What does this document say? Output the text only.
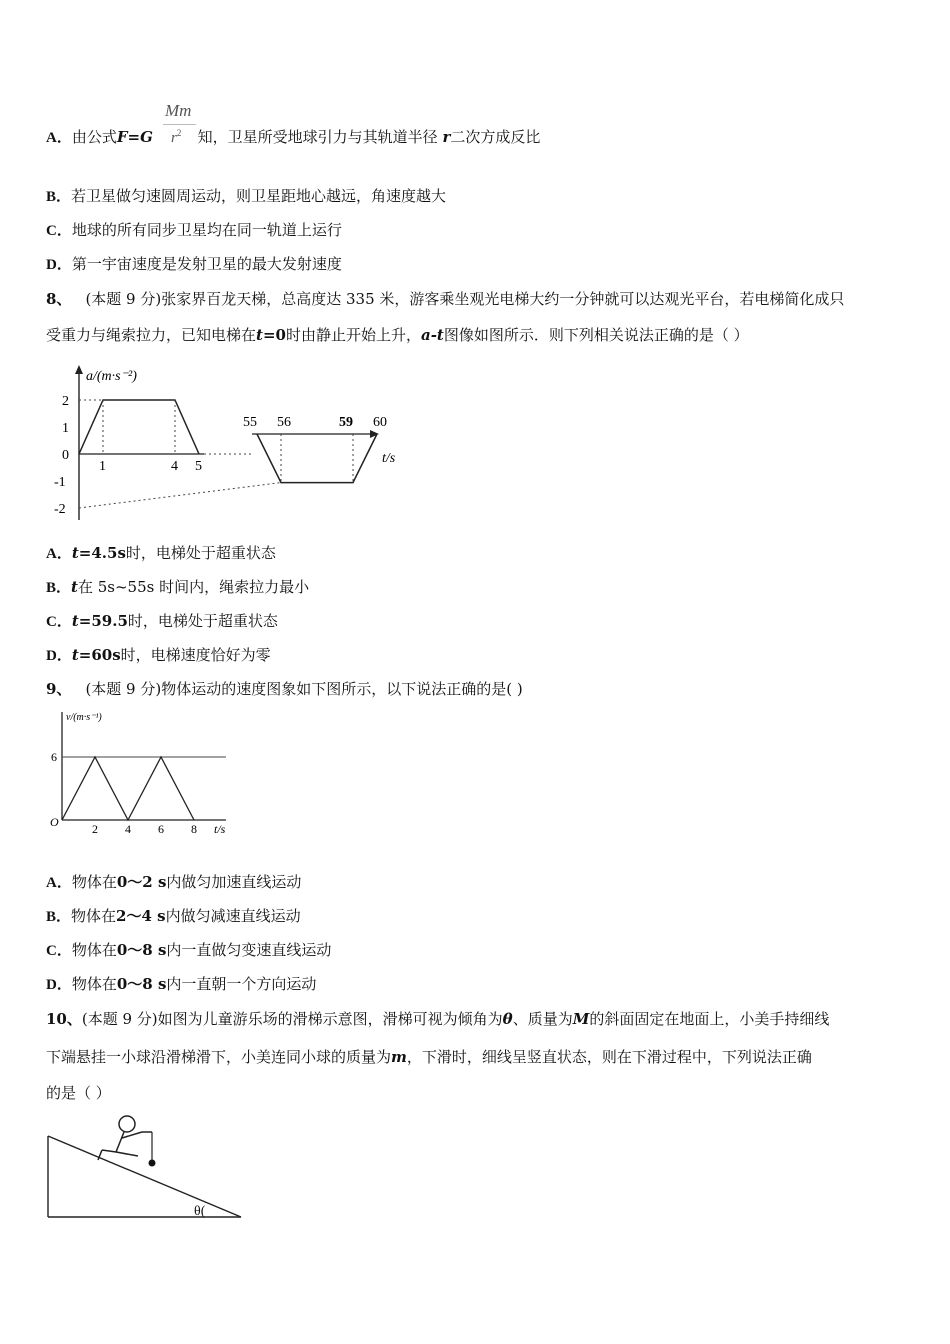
A．由公式F=G	知，卫星所受地球引力与其轨道半径 r二次方成反比
Mm
$r^2$
B．若卫星做匀速圆周运动，则卫星距地心越远，角速度越大
C．地球的所有同步卫星均在同一轨道上运行
D．第一宇宙速度是发射卫星的最大发射速度
8、 (本题 9 分)张家界百龙天梯，总高度达 335 米，游客乘坐观光电梯大约一分钟就可以达观光平台，若电梯简化成只
受重力与绳索拉力，已知电梯在t=0时由静止开始上升，a-t图像如图所示．则下列相关说法正确的是（ ）
a/(m·s⁻²)
t/s
2
1
0
-1
-2
1	4 5
55 56	59 60
A．t=4.5s时，电梯处于超重状态
B．t在 5s~55s 时间内，绳索拉力最小
C．t=59.5时，电梯处于超重状态
D．t=60s时，电梯速度恰好为零
9、 (本题 9 分)物体运动的速度图象如下图所示，以下说法正确的是( )
v/(m·s⁻¹)
t/s
O
6
2 4 6 8
A．物体在0～2 s内做匀加速直线运动
B．物体在2～4 s内做匀减速直线运动
C．物体在0～8 s内一直做匀变速直线运动
D．物体在0～8 s内一直朝一个方向运动
10、(本题 9 分)如图为儿童游乐场的滑梯示意图，滑梯可视为倾角为θ、质量为M的斜面固定在地面上，小美手持细线
下端悬挂一小球沿滑梯滑下，小美连同小球的质量为m，下滑时，细线呈竖直状态，则在下滑过程中，下列说法正确
的是（ ）
θ(
